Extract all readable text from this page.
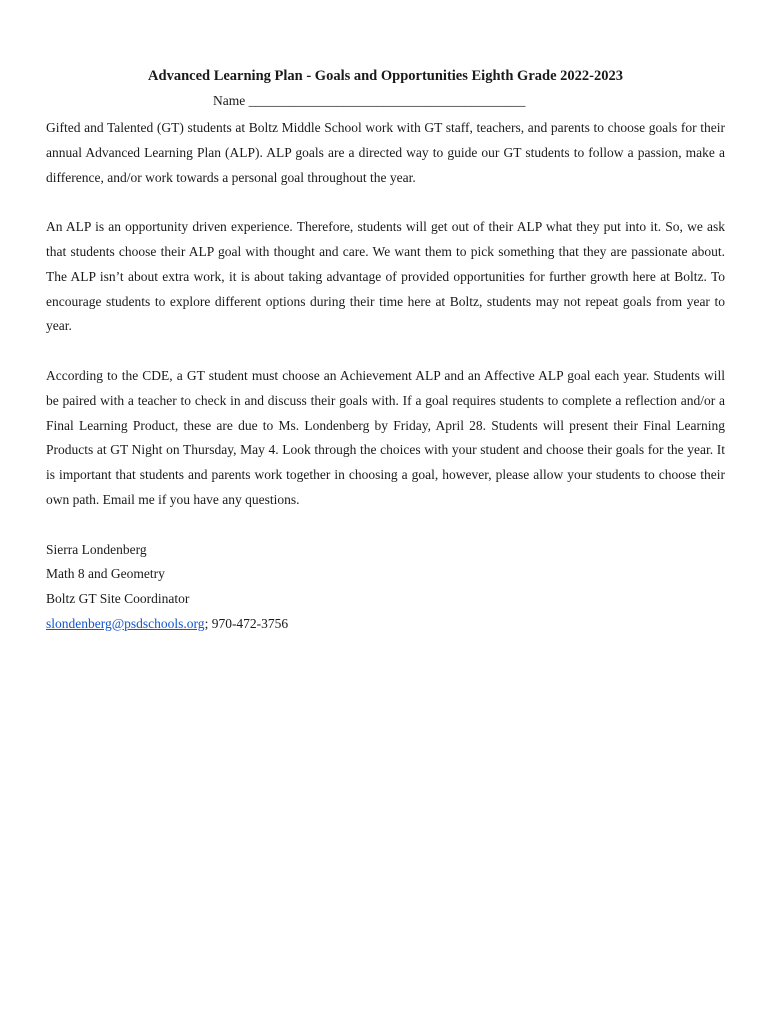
Advanced Learning Plan - Goals and Opportunities Eighth Grade 2022-2023
Name _________________________________________

Gifted and Talented (GT) students at Boltz Middle School work with GT staff, teachers, and parents to choose goals for their annual Advanced Learning Plan (ALP). ALP goals are a directed way to guide our GT students to follow a passion, make a difference, and/or work towards a personal goal throughout the year.

An ALP is an opportunity driven experience. Therefore, students will get out of their ALP what they put into it. So, we ask that students choose their ALP goal with thought and care. We want them to pick something that they are passionate about. The ALP isn’t about extra work, it is about taking advantage of provided opportunities for further growth here at Boltz. To encourage students to explore different options during their time here at Boltz, students may not repeat goals from year to year.

According to the CDE, a GT student must choose an Achievement ALP and an Affective ALP goal each year. Students will be paired with a teacher to check in and discuss their goals with. If a goal requires students to complete a reflection and/or a Final Learning Product, these are due to Ms. Londenberg by Friday, April 28. Students will present their Final Learning Products at GT Night on Thursday, May 4. Look through the choices with your student and choose their goals for the year. It is important that students and parents work together in choosing a goal, however, please allow your students to choose their own path. Email me if you have any questions.

Sierra Londenberg

Math 8 and Geometry

Boltz GT Site Coordinator

slondenberg@psdschools.org; 970-472-3756
